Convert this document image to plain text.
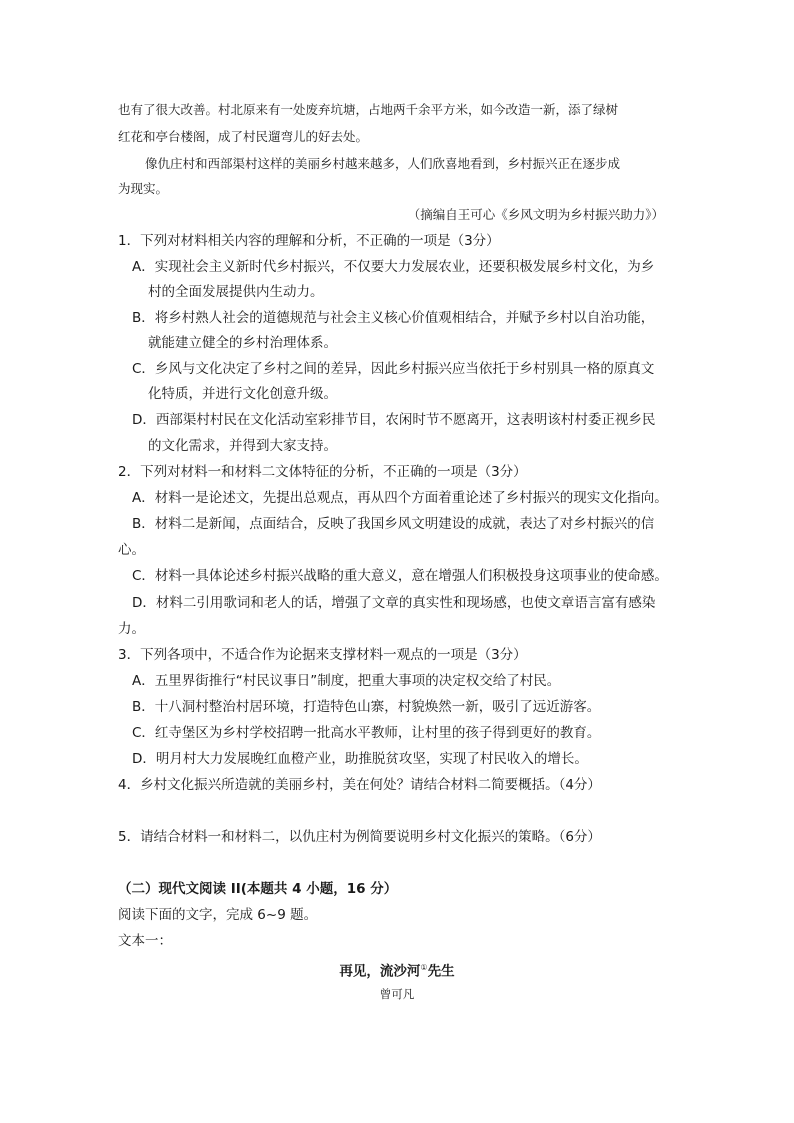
也有了很大改善。村北原来有一处废弃坑塘，占地两千余平方米，如今改造一新，添了绿树
红花和亭台楼阁，成了村民遛弯儿的好去处。
像仇庄村和西部渠村这样的美丽乡村越来越多，人们欣喜地看到，乡村振兴正在逐步成
为现实。
（摘编自王可心《乡风文明为乡村振兴助力》）
1．下列对材料相关内容的理解和分析，不正确的一项是（3分）
A．实现社会主义新时代乡村振兴，不仅要大力发展农业，还要积极发展乡村文化，为乡
村的全面发展提供内生动力。
B．将乡村熟人社会的道德规范与社会主义核心价值观相结合，并赋予乡村以自治功能，
就能建立健全的乡村治理体系。
C．乡风与文化决定了乡村之间的差异，因此乡村振兴应当依托于乡村别具一格的原真文
化特质，并进行文化创意升级。
D．西部渠村村民在文化活动室彩排节目，农闲时节不愿离开，这表明该村村委正视乡民
的文化需求，并得到大家支持。
2．下列对材料一和材料二文体特征的分析，不正确的一项是（3分）
A．材料一是论述文，先提出总观点，再从四个方面着重论述了乡村振兴的现实文化指向。
B．材料二是新闻，点面结合，反映了我国乡风文明建设的成就，表达了对乡村振兴的信
心。
C．材料一具体论述乡村振兴战略的重大意义，意在增强人们积极投身这项事业的使命感。
D．材料二引用歌词和老人的话，增强了文章的真实性和现场感，也使文章语言富有感染
力。
3．下列各项中，不适合作为论据来支撑材料一观点的一项是（3分）
A．五里界街推行“村民议事日”制度，把重大事项的决定权交给了村民。
B．十八洞村整治村居环境，打造特色山寨，村貌焕然一新，吸引了远近游客。
C．红寺堡区为乡村学校招聘一批高水平教师，让村里的孩子得到更好的教育。
D．明月村大力发展晚红血橙产业，助推脱贫攻坚，实现了村民收入的增长。
4．乡村文化振兴所造就的美丽乡村，美在何处？请结合材料二简要概括。（4分）
5．请结合材料一和材料二，以仇庄村为例简要说明乡村文化振兴的策略。（6分）
（二）现代文阅读 II(本题共 4 小题，16 分）
阅读下面的文字，完成 6~9 题。
文本一：
再见，流沙河①先生
曾可凡
